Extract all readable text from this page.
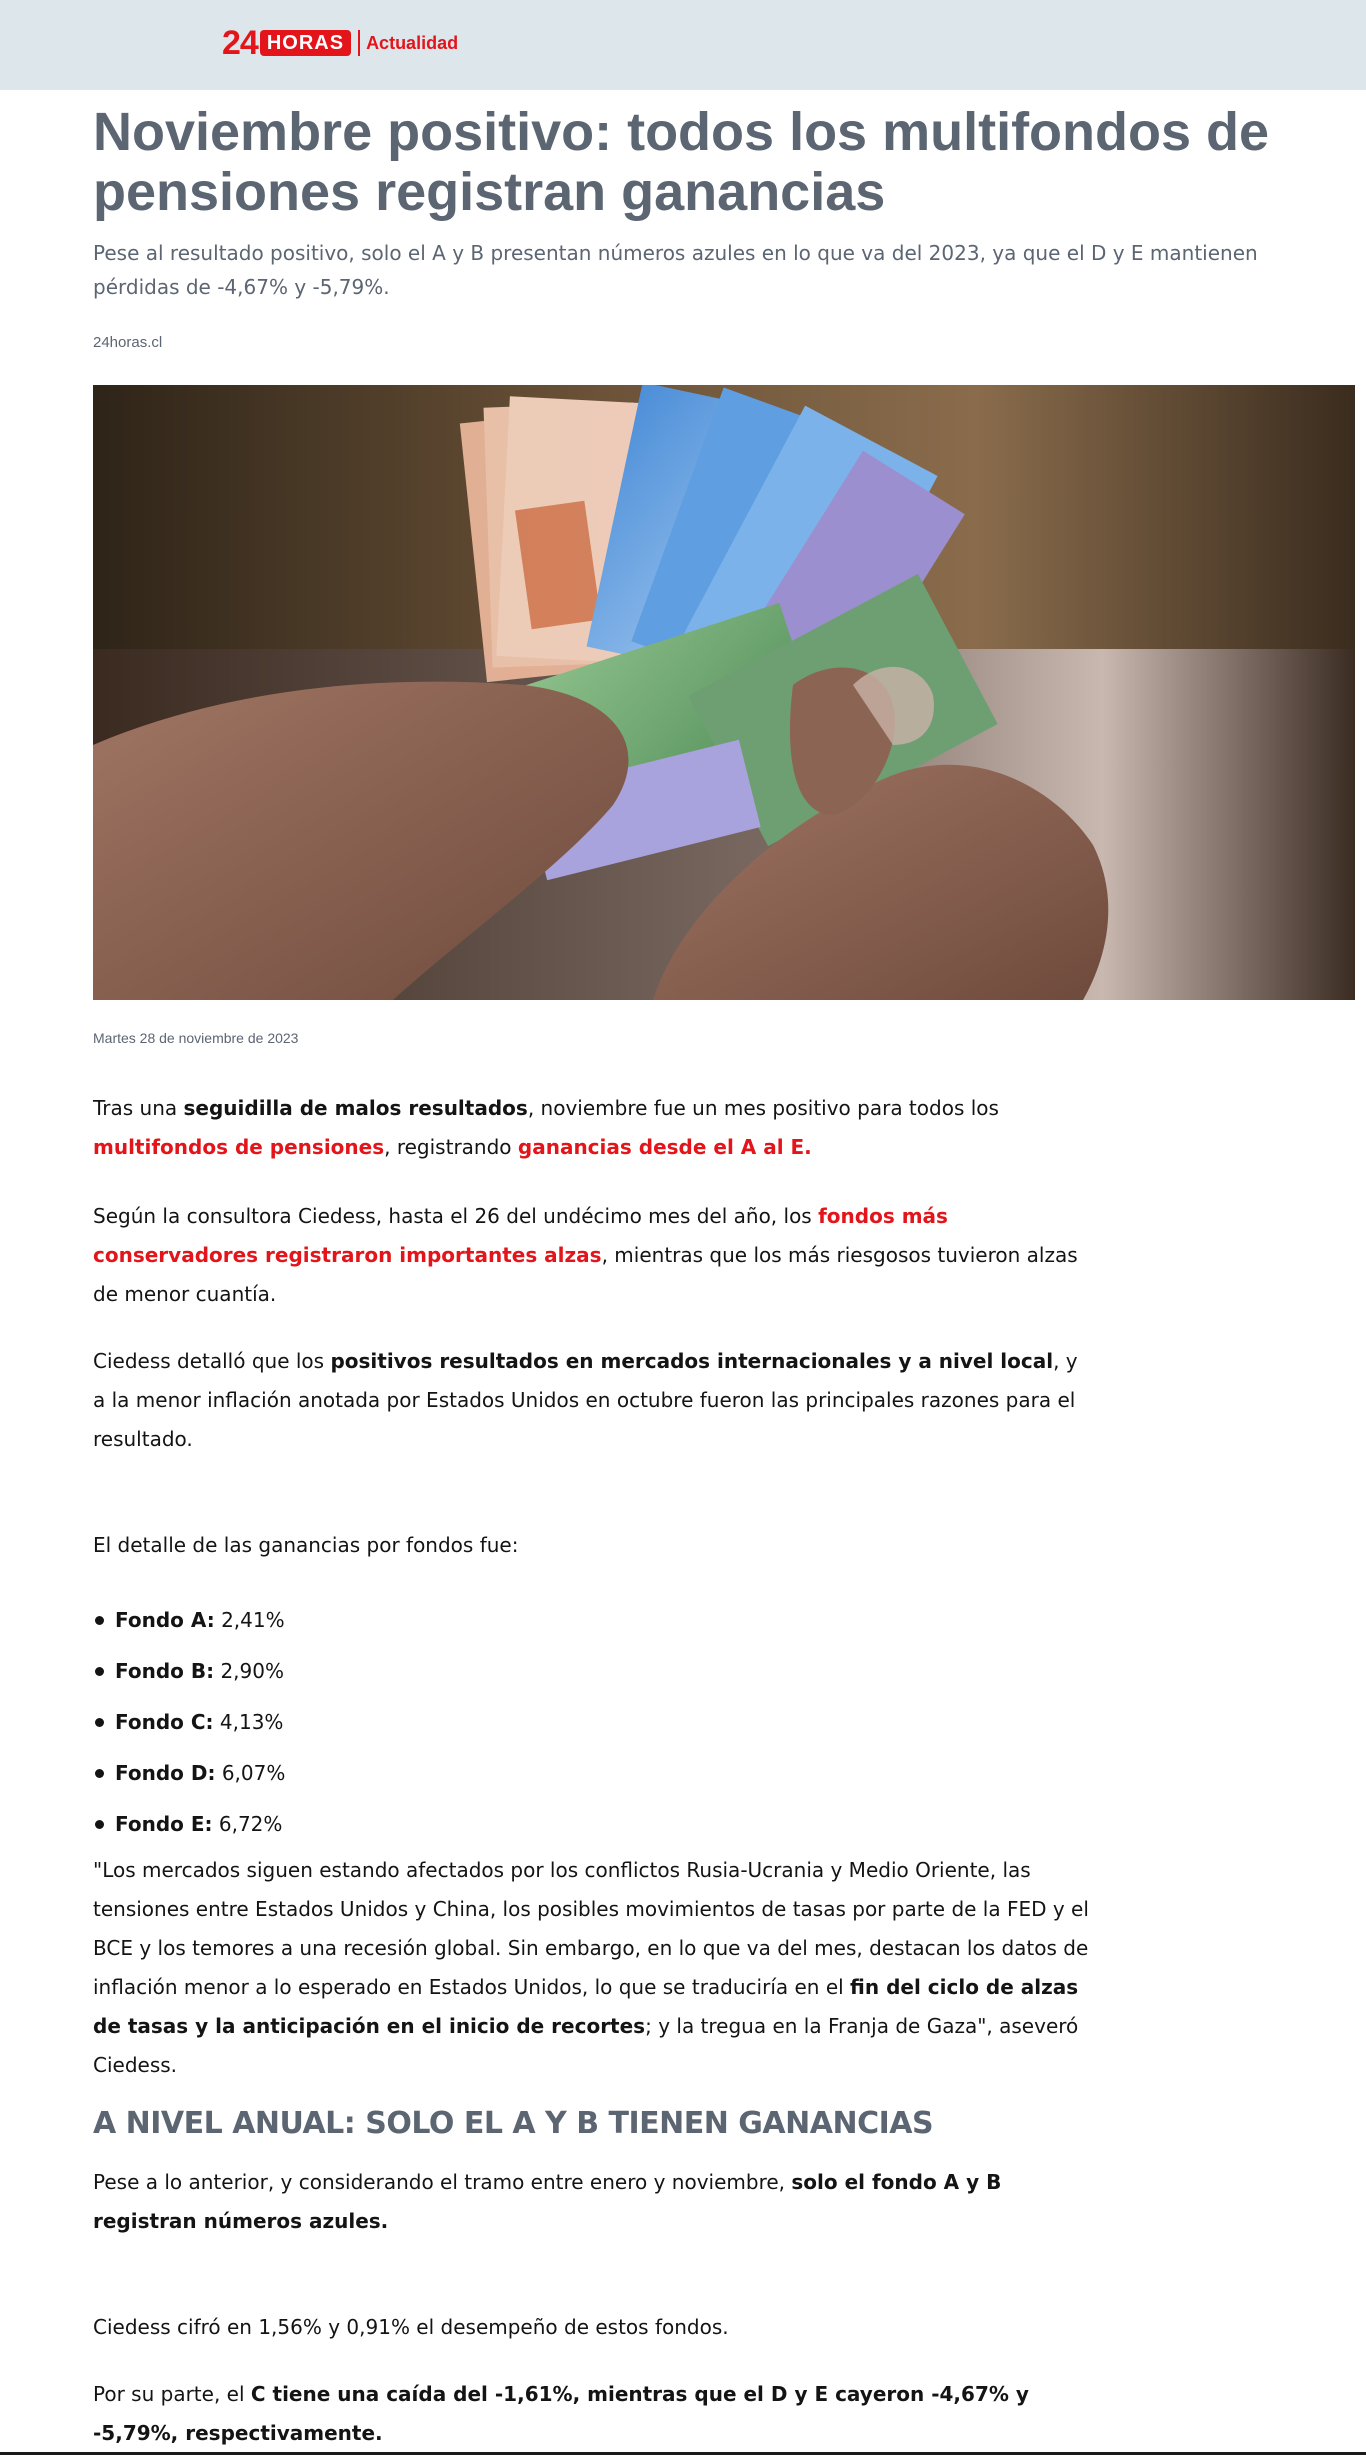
24 HORAS	Actualidad
Noviembre positivo: todos los multifondos de pensiones registran ganancias

Pese al resultado positivo, solo el A y B presentan números azules en lo que va del 2023, ya que el D y E mantienen pérdidas de -4,67% y -5,79%.

24horas.cl
Martes 28 de noviembre de 2023

Tras una seguidilla de malos resultados, noviembre fue un mes positivo para todos los multifondos de pensiones, registrando ganancias desde el A al E.

Según la consultora Ciedess, hasta el 26 del undécimo mes del año, los fondos más conservadores registraron importantes alzas, mientras que los más riesgosos tuvieron alzas de menor cuantía.

Ciedess detalló que los positivos resultados en mercados internacionales y a nivel local, y a la menor inflación anotada por Estados Unidos en octubre fueron las principales razones para el resultado.

El detalle de las ganancias por fondos fue:

Fondo A: 2,41%
Fondo B: 2,90%
Fondo C: 4,13%
Fondo D: 6,07%
Fondo E: 6,72%

"Los mercados siguen estando afectados por los conflictos Rusia-Ucrania y Medio Oriente, las tensiones entre Estados Unidos y China, los posibles movimientos de tasas por parte de la FED y el BCE y los temores a una recesión global. Sin embargo, en lo que va del mes, destacan los datos de inflación menor a lo esperado en Estados Unidos, lo que se traduciría en el fin del ciclo de alzas de tasas y la anticipación en el inicio de recortes; y la tregua en la Franja de Gaza", aseveró Ciedess.

A NIVEL ANUAL: SOLO EL A Y B TIENEN GANANCIAS

Pese a lo anterior, y considerando el tramo entre enero y noviembre, solo el fondo A y B registran números azules.

Ciedess cifró en 1,56% y 0,91% el desempeño de estos fondos.

Por su parte, el C tiene una caída del -1,61%, mientras que el D y E cayeron -4,67% y -5,79%, respectivamente.
